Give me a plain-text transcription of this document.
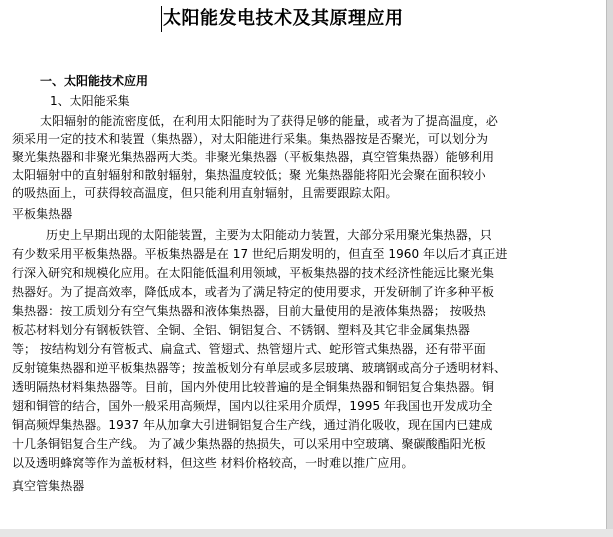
太阳能发电技术及其原理应用
一、太阳能技术应用
1、太阳能采集
太阳辐射的能流密度低，在利用太阳能时为了获得足够的能量，或者为了提高温度，必
须采用一定的技术和装置（集热器），对太阳能进行采集。集热器按是否聚光，可以划分为
聚光集热器和非聚光集热器两大类。非聚光集热器（平板集热器，真空管集热器）能够利用
太阳辐射中的直射辐射和散射辐射，集热温度较低；聚 光集热器能将阳光会聚在面积较小
的吸热面上，可获得较高温度，但只能利用直射辐射，且需要跟踪太阳。
平板集热器
历史上早期出现的太阳能装置，主要为太阳能动力装置，大部分采用聚光集热器，只
有少数采用平板集热器。平板集热器是在 17 世纪后期发明的，但直至 1960 年以后才真正进
行深入研究和规模化应用。在太阳能低温利用领域，平板集热器的技术经济性能远比聚光集
热器好。为了提高效率，降低成本，或者为了满足特定的使用要求，开发研制了许多种平板
集热器：按工质划分有空气集热器和液体集热器，目前大量使用的是液体集热器； 按吸热
板芯材料划分有钢板铁管、全铜、全铝、铜铝复合、不锈钢、塑料及其它非金属集热器
等； 按结构划分有管板式、扁盒式、管翅式、热管翅片式、蛇形管式集热器，还有带平面
反射镜集热器和逆平板集热器等；按盖板划分有单层或多层玻璃、玻璃钢或高分子透明材料、
透明隔热材料集热器等。目前，国内外使用比较普遍的是全铜集热器和铜铝复合集热器。铜
翅和铜管的结合，国外一般采用高频焊，国内以往采用介质焊，1995 年我国也开发成功全
铜高频焊集热器。1937 年从加拿大引进铜铝复合生产线，通过消化吸收，现在国内已建成
十几条铜铝复合生产线。 为了减少集热器的热损失，可以采用中空玻璃、聚碳酸酯阳光板
以及透明蜂窝等作为盖板材料，但这些 材料价格较高，一时难以推广应用。
真空管集热器
